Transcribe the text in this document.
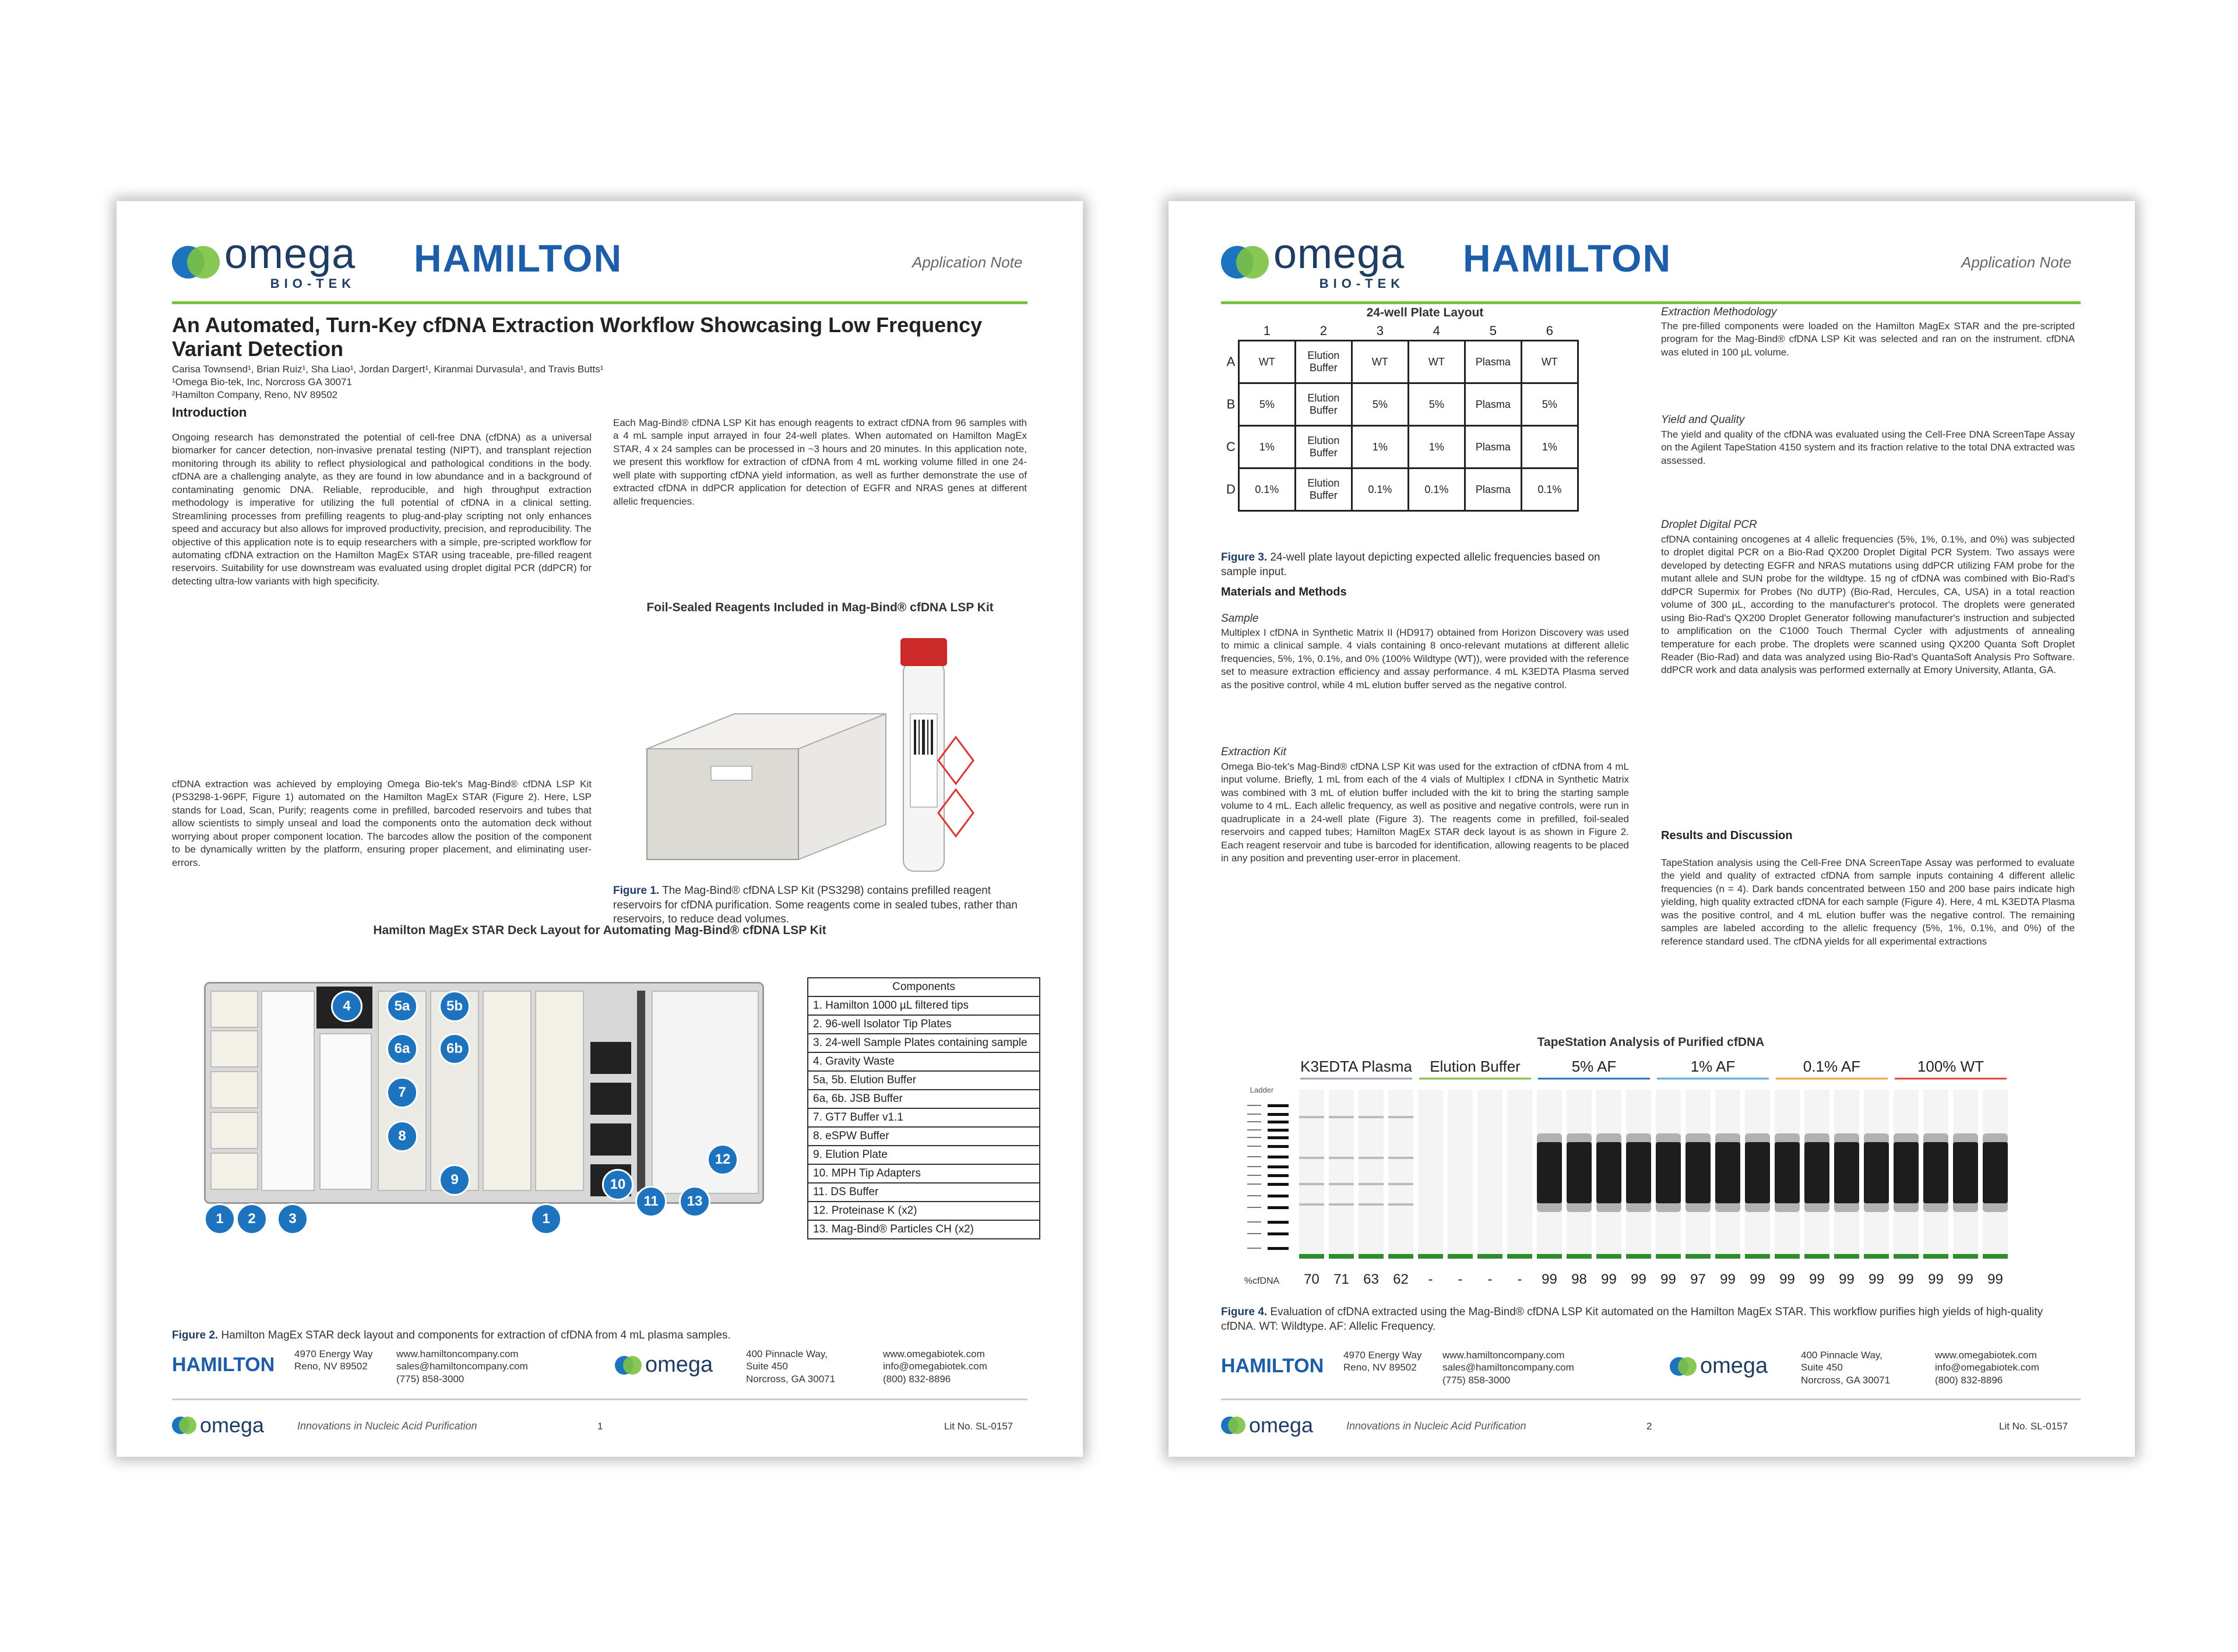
omega
BIO-TEK
HAMILTON	Application Note
An Automated, Turn-Key cfDNA Extraction Workflow Showcasing Low Frequency Variant Detection
Carisa Townsend¹, Brian Ruiz¹, Sha Liao¹, Jordan Dargert¹, Kiranmai Durvasula¹, and Travis Butts¹
¹Omega Bio-tek, Inc, Norcross GA 30071
²Hamilton Company, Reno, NV 89502
Introduction
Ongoing research has demonstrated the potential of cell-free DNA (cfDNA) as a universal biomarker for cancer detection, non-invasive prenatal testing (NIPT), and transplant rejection monitoring through its ability to reflect physiological and pathological conditions in the body. cfDNA are a challenging analyte, as they are found in low abundance and in a background of contaminating genomic DNA. Reliable, reproducible, and high throughput extraction methodology is imperative for utilizing the full potential of cfDNA in a clinical setting. Streamlining processes from prefilling reagents to plug-and-play scripting not only enhances speed and accuracy but also allows for improved productivity, precision, and reproducibility. The objective of this application note is to equip researchers with a simple, pre-scripted workflow for automating cfDNA extraction on the Hamilton MagEx STAR using traceable, pre-filled reagent reservoirs. Suitability for use downstream was evaluated using droplet digital PCR (ddPCR) for detecting ultra-low variants with high specificity.
cfDNA extraction was achieved by employing Omega Bio-tek's Mag-Bind® cfDNA LSP Kit (PS3298-1-96PF, Figure 1) automated on the Hamilton MagEx STAR (Figure 2). Here, LSP stands for Load, Scan, Purify; reagents come in prefilled, barcoded reservoirs and tubes that allow scientists to simply unseal and load the components onto the automation deck without worrying about proper component location. The barcodes allow the position of the component to be dynamically written by the platform, ensuring proper placement, and eliminating user-errors.
Each Mag-Bind® cfDNA LSP Kit has enough reagents to extract cfDNA from 96 samples with a 4 mL sample input arrayed in four 24-well plates. When automated on Hamilton MagEx STAR, 4 x 24 samples can be processed in ~3 hours and 20 minutes. In this application note, we present this workflow for extraction of cfDNA from 4 mL working volume filled in one 24-well plate with supporting cfDNA yield information, as well as further demonstrate the use of extracted cfDNA in ddPCR application for detection of EGFR and NRAS genes at different allelic frequencies.
Foil-Sealed Reagents Included in Mag-Bind® cfDNA LSP Kit
Figure 1. The Mag-Bind® cfDNA LSP Kit (PS3298) contains prefilled reagent reservoirs for cfDNA purification. Some reagents come in sealed tubes, rather than reservoirs, to reduce dead volumes.
Hamilton MagEx STAR Deck Layout for Automating Mag-Bind® cfDNA LSP Kit
4	5a	5b
6a	6b
7
8
9	10
12
1	2	3	1
11	13
Components
1. Hamilton 1000 µL filtered tips
2. 96-well Isolator Tip Plates
3. 24-well Sample Plates containing sample
4. Gravity Waste
5a, 5b. Elution Buffer
6a, 6b. JSB Buffer
7. GT7 Buffer v1.1
8. eSPW Buffer
9. Elution Plate
10. MPH Tip Adapters
11. DS Buffer
12. Proteinase K (x2)
13. Mag-Bind® Particles CH (x2)
Figure 2. Hamilton MagEx STAR deck layout and components for extraction of cfDNA from 4 mL plasma samples.
HAMILTON 4970 Energy Way
Reno, NV 89502
www.hamiltoncompany.com
sales@hamiltoncompany.com
(775) 858-3000
omega	400 Pinnacle Way,
Suite 450
Norcross, GA 30071
www.omegabiotek.com
info@omegabiotek.com
(800) 832-8896
omega	Innovations in Nucleic Acid Purification	1	Lit No. SL-0157
omega
BIO-TEK
HAMILTON	Application Note
24-well Plate Layout
	1	2	3	4	5	6
A	WT	Elution Buffer	WT	WT	Plasma	WT
B	5%	Elution Buffer	5%	5%	Plasma	5%
C	1%	Elution Buffer	1%	1%	Plasma	1%
D	0.1%	Elution Buffer	0.1%	0.1%	Plasma	0.1%
Figure 3. 24-well plate layout depicting expected allelic frequencies based on sample input.
Materials and Methods
Sample
Multiplex I cfDNA in Synthetic Matrix II (HD917) obtained from Horizon Discovery was used to mimic a clinical sample. 4 vials containing 8 onco-relevant mutations at different allelic frequencies, 5%, 1%, 0.1%, and 0% (100% Wildtype (WT)), were provided with the reference set to measure extraction efficiency and assay performance. 4 mL K3EDTA Plasma served as the positive control, while 4 mL elution buffer served as the negative control.
Extraction Kit
Omega Bio-tek's Mag-Bind® cfDNA LSP Kit was used for the extraction of cfDNA from 4 mL input volume. Briefly, 1 mL from each of the 4 vials of Multiplex I cfDNA in Synthetic Matrix was combined with 3 mL of elution buffer included with the kit to bring the starting sample volume to 4 mL. Each allelic frequency, as well as positive and negative controls, were run in quadruplicate in a 24-well plate (Figure 3). The reagents come in prefilled, foil-sealed reservoirs and capped tubes; Hamilton MagEx STAR deck layout is as shown in Figure 2. Each reagent reservoir and tube is barcoded for identification, allowing reagents to be placed in any position and preventing user-error in placement.
Extraction Methodology
The pre-filled components were loaded on the Hamilton MagEx STAR and the pre-scripted program for the Mag-Bind® cfDNA LSP Kit was selected and ran on the instrument. cfDNA was eluted in 100 µL volume.
Yield and Quality
The yield and quality of the cfDNA was evaluated using the Cell-Free DNA ScreenTape Assay on the Agilent TapeStation 4150 system and its fraction relative to the total DNA extracted was assessed.
Droplet Digital PCR
cfDNA containing oncogenes at 4 allelic frequencies (5%, 1%, 0.1%, and 0%) was subjected to droplet digital PCR on a Bio-Rad QX200 Droplet Digital PCR System. Two assays were developed by detecting EGFR and NRAS mutations using ddPCR utilizing FAM probe for the mutant allele and SUN probe for the wildtype. 15 ng of cfDNA was combined with Bio-Rad's ddPCR Supermix for Probes (No dUTP) (Bio-Rad, Hercules, CA, USA) in a total reaction volume of 300 µL, according to the manufacturer's protocol. The droplets were generated using Bio-Rad's QX200 Droplet Generator following manufacturer's instruction and subjected to amplification on the C1000 Touch Thermal Cycler with adjustments of annealing temperature for each probe. The droplets were scanned using QX200 Quanta Soft Droplet Reader (Bio-Rad) and data was analyzed using Bio-Rad's QuantaSoft Analysis Pro Software. ddPCR work and data analysis was performed externally at Emory University, Atlanta, GA.
Results and Discussion
TapeStation analysis using the Cell-Free DNA ScreenTape Assay was performed to evaluate the yield and quality of extracted cfDNA from sample inputs containing 4 different allelic frequencies (n = 4). Dark bands concentrated between 150 and 200 base pairs indicate high yielding, high quality extracted cfDNA for each sample (Figure 4). Here, 4 mL K3EDTA Plasma was the positive control, and 4 mL elution buffer was the negative control. The remaining samples are labeled according to the allelic frequency (5%, 1%, 0.1%, and 0%) of the reference standard used. The cfDNA yields for all experimental extractions
TapeStation Analysis of Purified cfDNA
K3EDTA Plasma Elution Buffer	5% AF	1% AF	0.1% AF	100% WT
Ladder
70 71 63 62 - - - - 99 98 99 99 99 97 99 99 99 99 99 99 99 99 99 99
%cfDNA
Figure 4. Evaluation of cfDNA extracted using the Mag-Bind® cfDNA LSP Kit automated on the Hamilton MagEx STAR. This workflow purifies high yields of high-quality cfDNA. WT: Wildtype. AF: Allelic Frequency.
HAMILTON 4970 Energy Way
Reno, NV 89502
www.hamiltoncompany.com
sales@hamiltoncompany.com
(775) 858-3000
omega	400 Pinnacle Way,
Suite 450
Norcross, GA 30071
www.omegabiotek.com
info@omegabiotek.com
(800) 832-8896
omega	Innovations in Nucleic Acid Purification	2	Lit No. SL-0157
